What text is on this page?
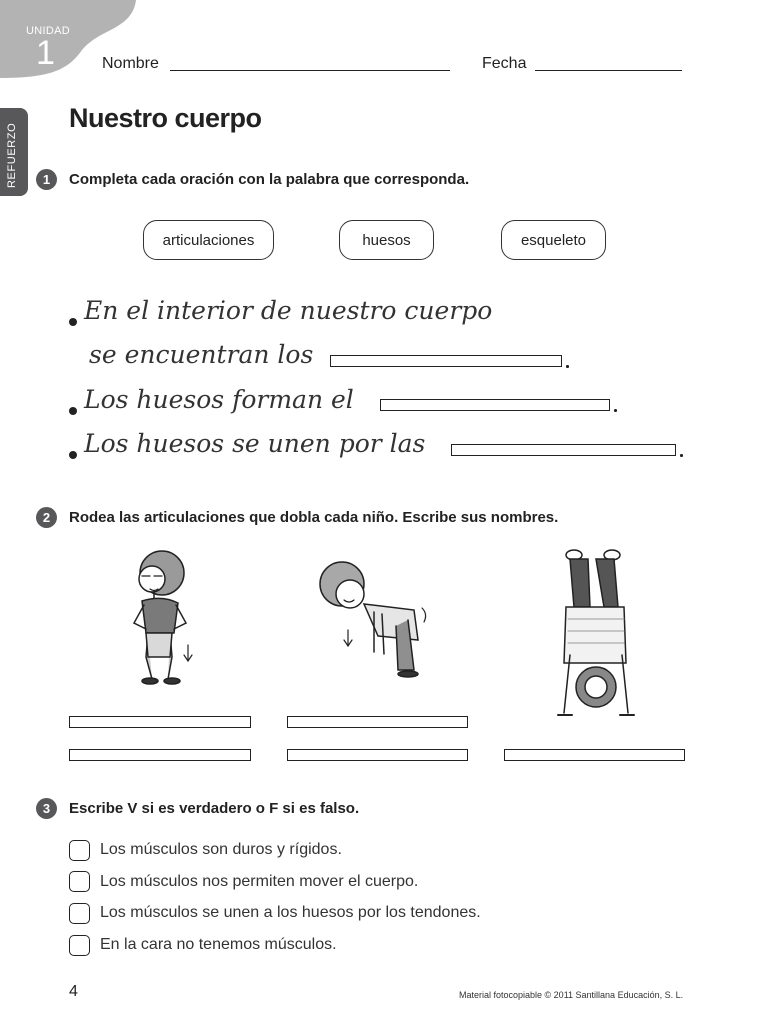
UNIDAD
1
REFUERZO
Nombre	Fecha
Nuestro cuerpo
1	Completa cada oración con la palabra que corresponda.
articulaciones	huesos	esqueleto
En el interior de nuestro cuerpo
se encuentran los
Los huesos forman el
Los huesos se unen por las
2	Rodea las articulaciones que dobla cada niño. Escribe sus nombres.
3	Escribe V si es verdadero o F si es falso.
Los músculos son duros y rígidos.
Los músculos nos permiten mover el cuerpo.
Los músculos se unen a los huesos por los tendones.
En la cara no tenemos músculos.
4	Material fotocopiable © 2011 Santillana Educación, S. L.
